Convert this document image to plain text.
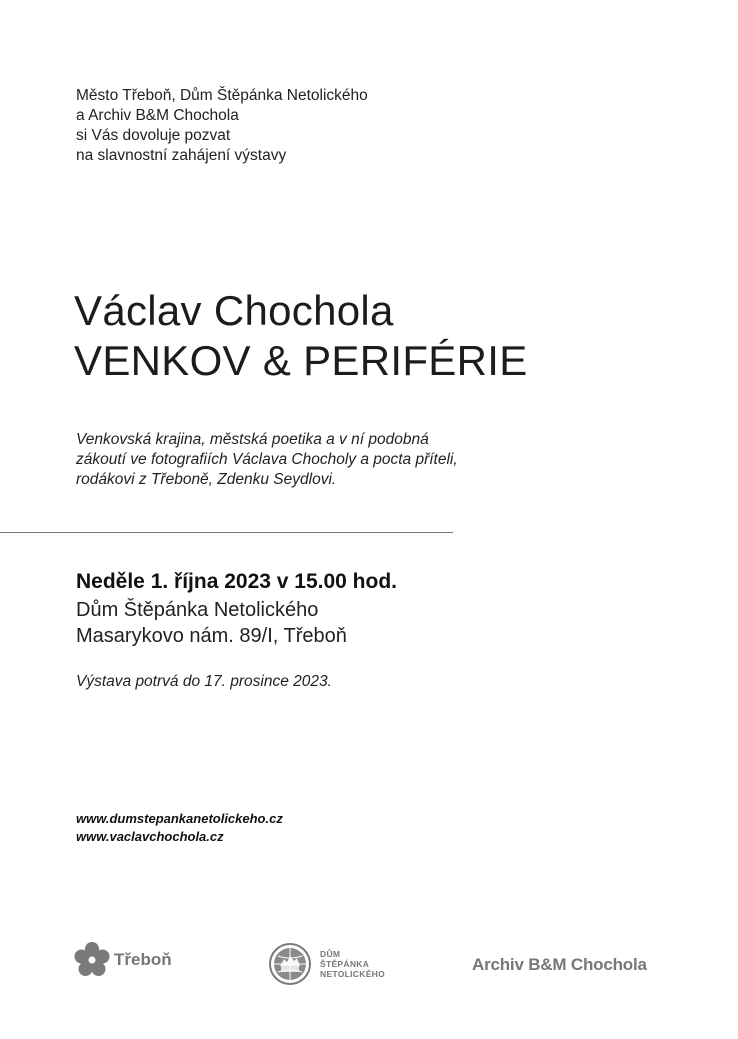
Město Třeboň, Dům Štěpánka Netolického
a Archiv B&M Chochola
si Vás dovoluje pozvat
na slavnostní zahájení výstavy
Václav Chochola
VENKOV & PERIFÉRIE
Venkovská krajina, městská poetika a v ní podobná
zákoutí ve fotografiích Václava Chocholy a pocta příteli,
rodákovi z Třeboně, Zdenku Seydlovi.
Neděle 1. října 2023 v 15.00 hod.
Dům Štěpánka Netolického
Masarykovo nám. 89/I, Třeboň
Výstava potrvá do 17. prosince 2023.
www.dumstepankanetolickeho.cz
www.vaclavchochola.cz
Třeboň	DŮM
ŠTĚPÁNKA
NETOLICKÉHO	Archiv B&M Chochola
